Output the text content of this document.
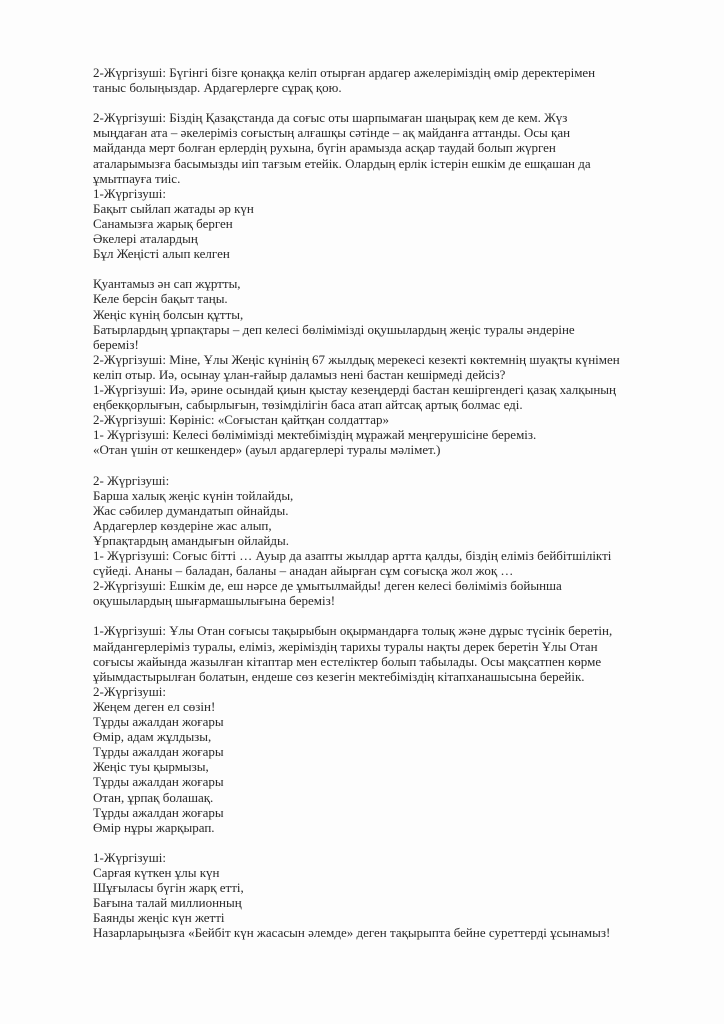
2-Жүргізуші: Бүгінгі бізге қонаққа келіп отырған ардагер ажелеріміздің өмір деректерімен
таныс болыңыздар. Ардагерлерге сұрақ қою.
2-Жүргізуші: Біздің Қазақстанда да соғыс оты шарпымаған шаңырақ кем де кем. Жүз
мыңдаған ата – әкелеріміз соғыстың алғашқы сәтінде – ақ майданға аттанды. Осы қан
майданда мерт болған ерлердің рухына, бүгін арамызда асқар таудай болып жүрген
аталарымызға басымызды иіп тағзым етейік. Олардың ерлік істерін ешкім де ешқашан да
ұмытпауға тиіс.
1-Жүргізуші:
Бақыт сыйлап жатады әр күн
Санамызға жарық берген
Әкелері аталардың
Бұл Жеңісті алып келген
Қуантамыз ән сап жұртты,
Келе берсін бақыт таңы.
Жеңіс күнің болсын құтты,
Батырлардың ұрпақтары – деп келесі бөлімімізді оқушылардың жеңіс туралы әндеріне
береміз!
2-Жүргізуші: Міне, Ұлы Жеңіс күнінің 67 жылдық мерекесі кезекті көктемнің шуақты күнімен
келіп отыр. Иә, осынау ұлан-ғайыр даламыз нені бастан кешірмеді дейсіз?
1-Жүргізуші: Иә, әрине осындай қиын қыстау кезеңдерді бастан кешіргендегі қазақ халқының
еңбекқорлығын, сабырлығын, төзімділігін баса атап айтсақ артық болмас еді.
2-Жүргізуші: Көрініс: «Соғыстан қайтқан солдаттар»
1- Жүргізуші: Келесі бөлімімізді мектебіміздің мұражай меңгерушісіне береміз.
«Отан үшін от кешкендер» (ауыл ардагерлері туралы мәлімет.)
2- Жүргізуші:
Барша халық жеңіс күнін тойлайды,
Жас сәбилер думандатып ойнайды.
Ардагерлер көздеріне жас алып,
Ұрпақтардың амандығын ойлайды.
1- Жүргізуші: Соғыс бітті … Ауыр да азапты жылдар артта қалды, біздің еліміз бейбітшілікті
сүйеді. Ананы – баладан, баланы – анадан айырған сұм соғысқа жол жоқ …
2-Жүргізуші: Ешкім де, еш нәрсе де ұмытылмайды! деген келесі бөліміміз бойынша
оқушылардың шығармашылығына береміз!
1-Жүргізуші: Ұлы Отан соғысы тақырыбын оқырмандарға толық және дұрыс түсінік беретін,
майдангерлеріміз туралы, еліміз, жеріміздің тарихы туралы нақты дерек беретін Ұлы Отан
соғысы жайында жазылған кітаптар мен естеліктер болып табылады. Осы мақсатпен көрме
ұйымдастырылған болатын, ендеше сөз кезегін мектебіміздің кітапханашысына берейік.
2-Жүргізуші:
Жеңем деген ел сөзін!
Тұрды ажалдан жоғары
Өмір, адам жұлдызы,
Тұрды ажалдан жоғары
Жеңіс туы қырмызы,
Тұрды ажалдан жоғары
Отан, ұрпақ болашақ.
Тұрды ажалдан жоғары
Өмір нұры жарқырап.
1-Жүргізуші:
Сарғая күткен ұлы күн
Шұғыласы бүгін жарқ етті,
Бағына талай миллионның
Баянды жеңіс күн жетті
Назарларыңызға «Бейбіт күн жасасын әлемде» деген тақырыпта бейне суреттерді ұсынамыз!
